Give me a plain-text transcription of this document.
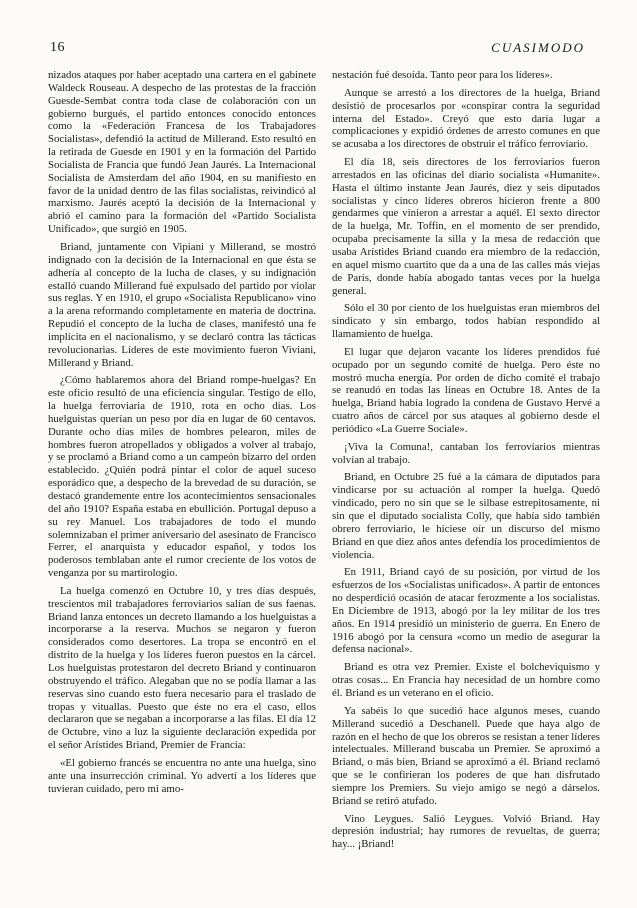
16	CUASIMODO

nizados ataques por haber aceptado una cartera en el gabinete Waldeck Rouseau. A despecho de las protestas de la fracción Guesde-Sembat contra toda clase de colaboración con un gobierno burgués, el partido entonces conocido entonces como la «Federación Francesa de los Trabajadores Socialistas», defendió la actitud de Millerand. Esto resultó en la retirada de Guesde en 1901 y en la formación del Partido Socialista de Francia que fundó Jean Jaurés. La Internacional Socialista de Amsterdam del año 1904, en su manifiesto en favor de la unidad dentro de las filas socialistas, reivindicó al marxismo. Jaurés aceptó la decisión de la Internacional y abrió el camino para la formación del «Partido Socialista Unificado», que surgió en 1905.

Briand, juntamente con Vipiani y Millerand, se mostró indignado con la decisión de la Internacional en que ésta se adhería al concepto de la lucha de clases, y su indignación estalló cuando Millerand fué expulsado del partido por violar sus reglas. Y en 1910, el grupo «Socialista Republicano» vino a la arena reformando completamente en materia de doctrina. Repudió el concepto de la lucha de clases, manifestó una fe implícita en el nacionalismo, y se declaró contra las tácticas revolucionarias. Líderes de este movimiento fueron Viviani, Millerand y Briand.

¿Cómo hablaremos ahora del Briand rompe-huelgas? En este oficio resultó de una eficiencia singular. Testigo de ello, la huelga ferroviaria de 1910, rota en ocho días. Los huelguistas querían un peso por día en lugar de 60 centavos. Durante ocho días miles de hombres pelearon, miles de hombres fueron atropellados y obligados a volver al trabajo, y se proclamó a Briand como a un campeón bizarro del orden establecido. ¿Quién podrá pintar el color de aquel suceso esporádico que, a despecho de la brevedad de su duración, se destacó grandemente entre los acontecimientos sensacionales del año 1910? España estaba en ebullición. Portugal depuso a su rey Manuel. Los trabajadores de todo el mundo solemnizaban el primer aniversario del asesinato de Francisco Ferrer, el anarquista y educador español, y todos los poderosos temblaban ante el rumor creciente de los votos de venganza por su martirologio.

La huelga comenzó en Octubre 10, y tres días después, trescientos mil trabajadores ferroviarios salían de sus faenas. Briand lanza entonces un decreto llamando a los huelguistas a incorporarse a la reserva. Muchos se negaron y fueron considerados como desertores. La tropa se encontró en el distrito de la huelga y los líderes fueron puestos en la cárcel. Los huelguistas protestaron del decreto Briand y continuaron obstruyendo el tráfico. Alegaban que no se podía llamar a las reservas sino cuando esto fuera necesario para el traslado de tropas y vituallas. Puesto que éste no era el caso, ellos declararon que se negaban a incorporarse a las filas. El día 12 de Octubre, vino a luz la siguiente declaración expedida por el señor Arístides Briand, Premier de Francia:

«El gobierno francés se encuentra no ante una huelga, sino ante una insurrección criminal. Yo advertí a los líderes que tuvieran cuidado, pero mi amo-

nestación fué desoída. Tanto peor para los líderes».

Aunque se arrestó a los directores de la huelga, Briand desistió de procesarlos por «conspirar contra la seguridad interna del Estado». Creyó que esto daría lugar a complicaciones y expidió órdenes de arresto comunes en que se acusaba a los directores de obstruir el tráfico ferroviario.

El día 18, seis directores de los ferroviarios fueron arrestados en las oficinas del diario socialista «Humanite». Hasta el último instante Jean Jaurés, diez y seis diputados socialistas y cinco líderes obreros hicieron frente a 800 gendarmes que vinieron a arrestar a aquél. El sexto director de la huelga, Mr. Toffin, en el momento de ser prendido, ocupaba precisamente la silla y la mesa de redacción que usaba Arístides Briand cuando era miembro de la redacción, en aquel mismo cuartito que da a una de las calles más viejas de París, donde había abogado tantas veces por la huelga general.

Sólo el 30 por ciento de los huelguistas eran miembros del sindicato y sin embargo, todos habían respondido al llamamiento de huelga.

El lugar que dejaron vacante los líderes prendidos fué ocupado por un segundo comité de huelga. Pero éste no mostró mucha energía. Por orden de dicho comité el trabajo se reanudó en todas las líneas en Octubre 18. Antes de la huelga, Briand había logrado la condena de Gustavo Hervé a cuatro años de cárcel por sus ataques al gobierno desde el periódico «La Guerre Sociale».

¡Viva la Comuna!, cantaban los ferroviarios mientras volvían al trabajo.

Briand, en Octubre 25 fué a la cámara de diputados para vindicarse por su actuación al romper la huelga. Quedó vindicado, pero no sin que se le silbase estrepitosamente, ni sin que el diputado socialista Colly, que había sido también obrero ferroviario, le hiciese oír un discurso del mismo Briand en que diez años antes defendía los procedimientos de violencia.

En 1911, Briand cayó de su posición, por virtud de los esfuerzos de los «Socialistas unificados». A partir de entonces no desperdició ocasión de atacar ferozmente a los socialistas. En Diciembre de 1913, abogó por la ley militar de los tres años. En 1914 presidió un ministerio de guerra. En Enero de 1916 abogó por la censura «como un medio de asegurar la defensa nacional».

Briand es otra vez Premier. Existe el bolcheviquismo y otras cosas... En Francia hay necesidad de un hombre como él. Briand es un veterano en el oficio.

Ya sabéis lo que sucedió hace algunos meses, cuando Millerand sucedió a Deschanell. Puede que haya algo de razón en el hecho de que los obreros se resistan a tener líderes intelectuales. Millerand buscaba un Premier. Se aproximó a Briand, o más bien, Briand se aproximó a él. Briand reclamó que se le confirieran los poderes de que han disfrutado siempre los Premiers. Su viejo amigo se negó a dárselos. Briand se retiró atufado.

Vino Leygues. Salió Leygues. Volvió Briand. Hay depresión industrial; hay rumores de revueltas, de guerra; hay... ¡Briand!
